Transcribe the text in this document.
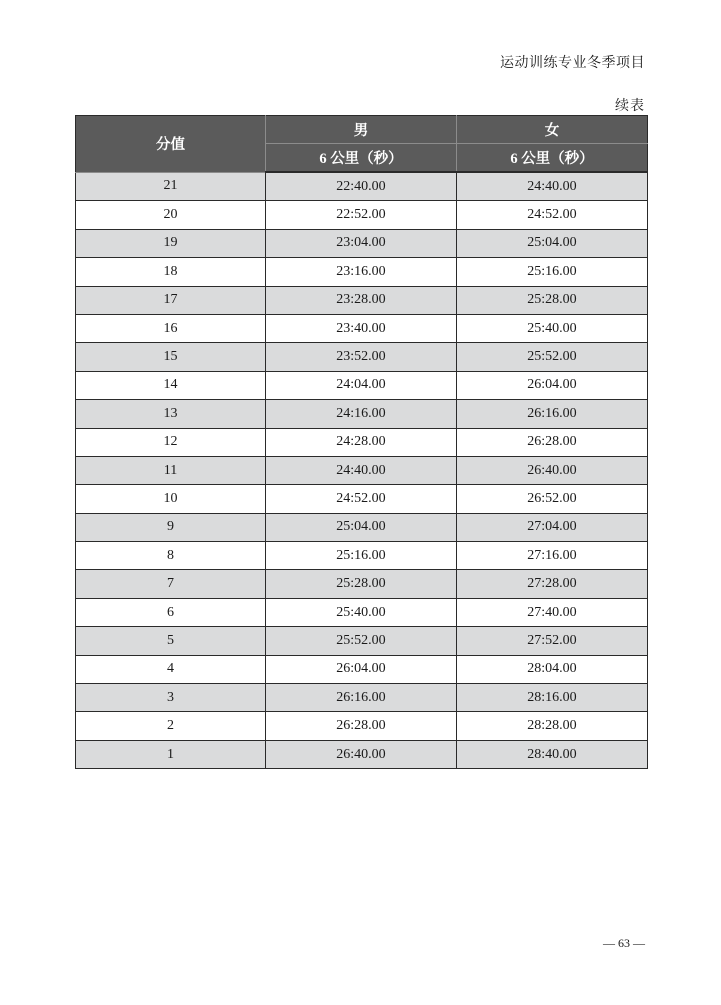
运动训练专业冬季项目
续表
分值	男	女
	6 公里（秒）	6 公里（秒）
21	22:40.00	24:40.00
20	22:52.00	24:52.00
19	23:04.00	25:04.00
18	23:16.00	25:16.00
17	23:28.00	25:28.00
16	23:40.00	25:40.00
15	23:52.00	25:52.00
14	24:04.00	26:04.00
13	24:16.00	26:16.00
12	24:28.00	26:28.00
11	24:40.00	26:40.00
10	24:52.00	26:52.00
9	25:04.00	27:04.00
8	25:16.00	27:16.00
7	25:28.00	27:28.00
6	25:40.00	27:40.00
5	25:52.00	27:52.00
4	26:04.00	28:04.00
3	26:16.00	28:16.00
2	26:28.00	28:28.00
1	26:40.00	28:40.00
— 63 —
